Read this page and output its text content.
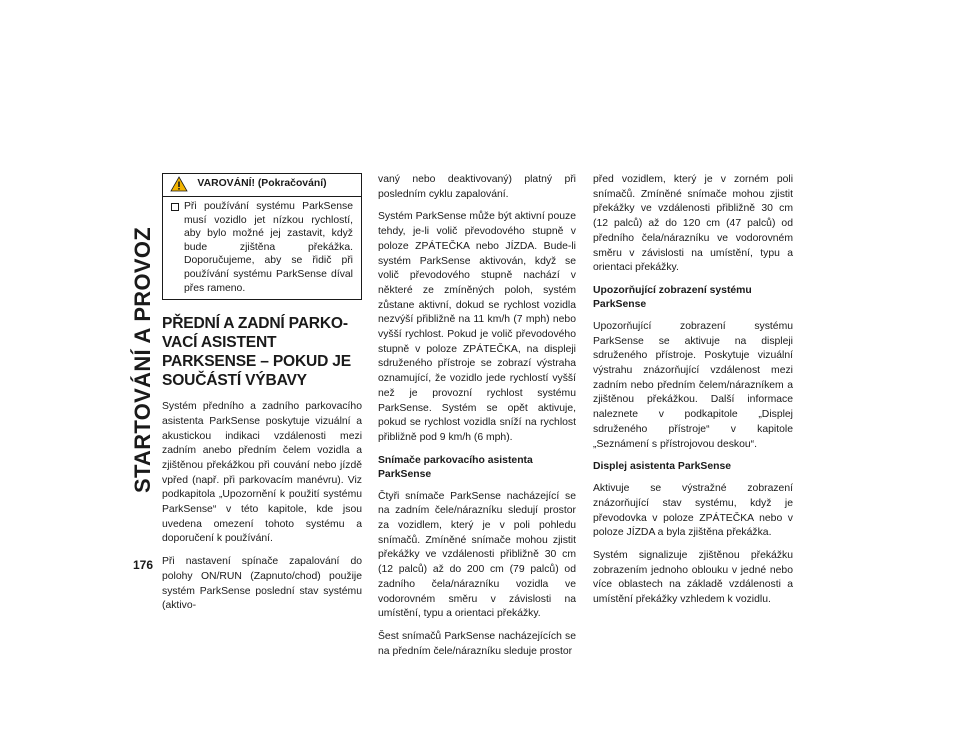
STARTOVÁNÍ A PROVOZ
176
VAROVÁNÍ! (Pokračování)
Při používání systému ParkSense musí vozidlo jet nízkou rychlostí, aby bylo možné jej zastavit, když bude zjištěna překážka. Doporučujeme, aby se řidič při používání systému ParkSense díval přes rameno.
PŘEDNÍ A ZADNÍ PARKOVACÍ ASISTENT PARKSENSE – POKUD JE SOUČÁSTÍ VÝBAVY

Systém předního a zadního parkovacího asistenta ParkSense poskytuje vizuální a akustickou indikaci vzdálenosti mezi zadním anebo předním čelem vozidla a zjištěnou překážkou při couvání nebo jízdě vpřed (např. při parkovacím manévru). Viz podkapitola „Upozornění k použití systému ParkSense“ v této kapitole, kde jsou uvedena omezení tohoto systému a doporučení k používání.

Při nastavení spínače zapalování do polohy ON/RUN (Zapnuto/chod) použije systém ParkSense poslední stav systému (aktivo-

vaný nebo deaktivovaný) platný při posledním cyklu zapalování.

Systém ParkSense může být aktivní pouze tehdy, je-li volič převodového stupně v poloze ZPÁTEČKA nebo JÍZDA. Bude-li systém ParkSense aktivován, když se volič převodového stupně nachází v některé ze zmíněných poloh, systém zůstane aktivní, dokud se rychlost vozidla nezvýší přibližně na 11 km/h (7 mph) nebo vyšší rychlost. Pokud je volič převodového stupně v poloze ZPÁTEČKA, na displeji sdruženého přístroje se zobrazí výstraha oznamující, že vozidlo jede rychlostí vyšší než je provozní rychlost systému ParkSense. Systém se opět aktivuje, pokud se rychlost vozidla sníží na rychlost přibližně pod 9 km/h (6 mph).

Snímače parkovacího asistenta ParkSense

Čtyři snímače ParkSense nacházející se na zadním čele/nárazníku sledují prostor za vozidlem, který je v poli pohledu snímačů. Zmíněné snímače mohou zjistit překážky ve vzdálenosti přibližně 30 cm (12 palců) až do 200 cm (79 palců) od zadního čela/nárazníku vozidla ve vodorovném směru v závislosti na umístění, typu a orientaci překážky.

Šest snímačů ParkSense nacházejících se na předním čele/nárazníku sleduje prostor

před vozidlem, který je v zorném poli snímačů. Zmíněné snímače mohou zjistit překážky ve vzdálenosti přibližně 30 cm (12 palců) až do 120 cm (47 palců) od předního čela/nárazníku ve vodorovném směru v závislosti na umístění, typu a orientaci překážky.

Upozorňující zobrazení systému ParkSense

Upozorňující zobrazení systému ParkSense se aktivuje na displeji sdruženého přístroje. Poskytuje vizuální výstrahu znázorňující vzdálenost mezi zadním nebo předním čelem/nárazníkem a zjištěnou překážkou. Další informace naleznete v podkapitole „Displej sdruženého přístroje“ v kapitole „Seznámení s přístrojovou deskou“.

Displej asistenta ParkSense

Aktivuje se výstražné zobrazení znázorňující stav systému, když je převodovka v poloze ZPÁTEČKA nebo v poloze JÍZDA a byla zjištěna překážka.

Systém signalizuje zjištěnou překážku zobrazením jednoho oblouku v jedné nebo více oblastech na základě vzdálenosti a umístění překážky vzhledem k vozidlu.
